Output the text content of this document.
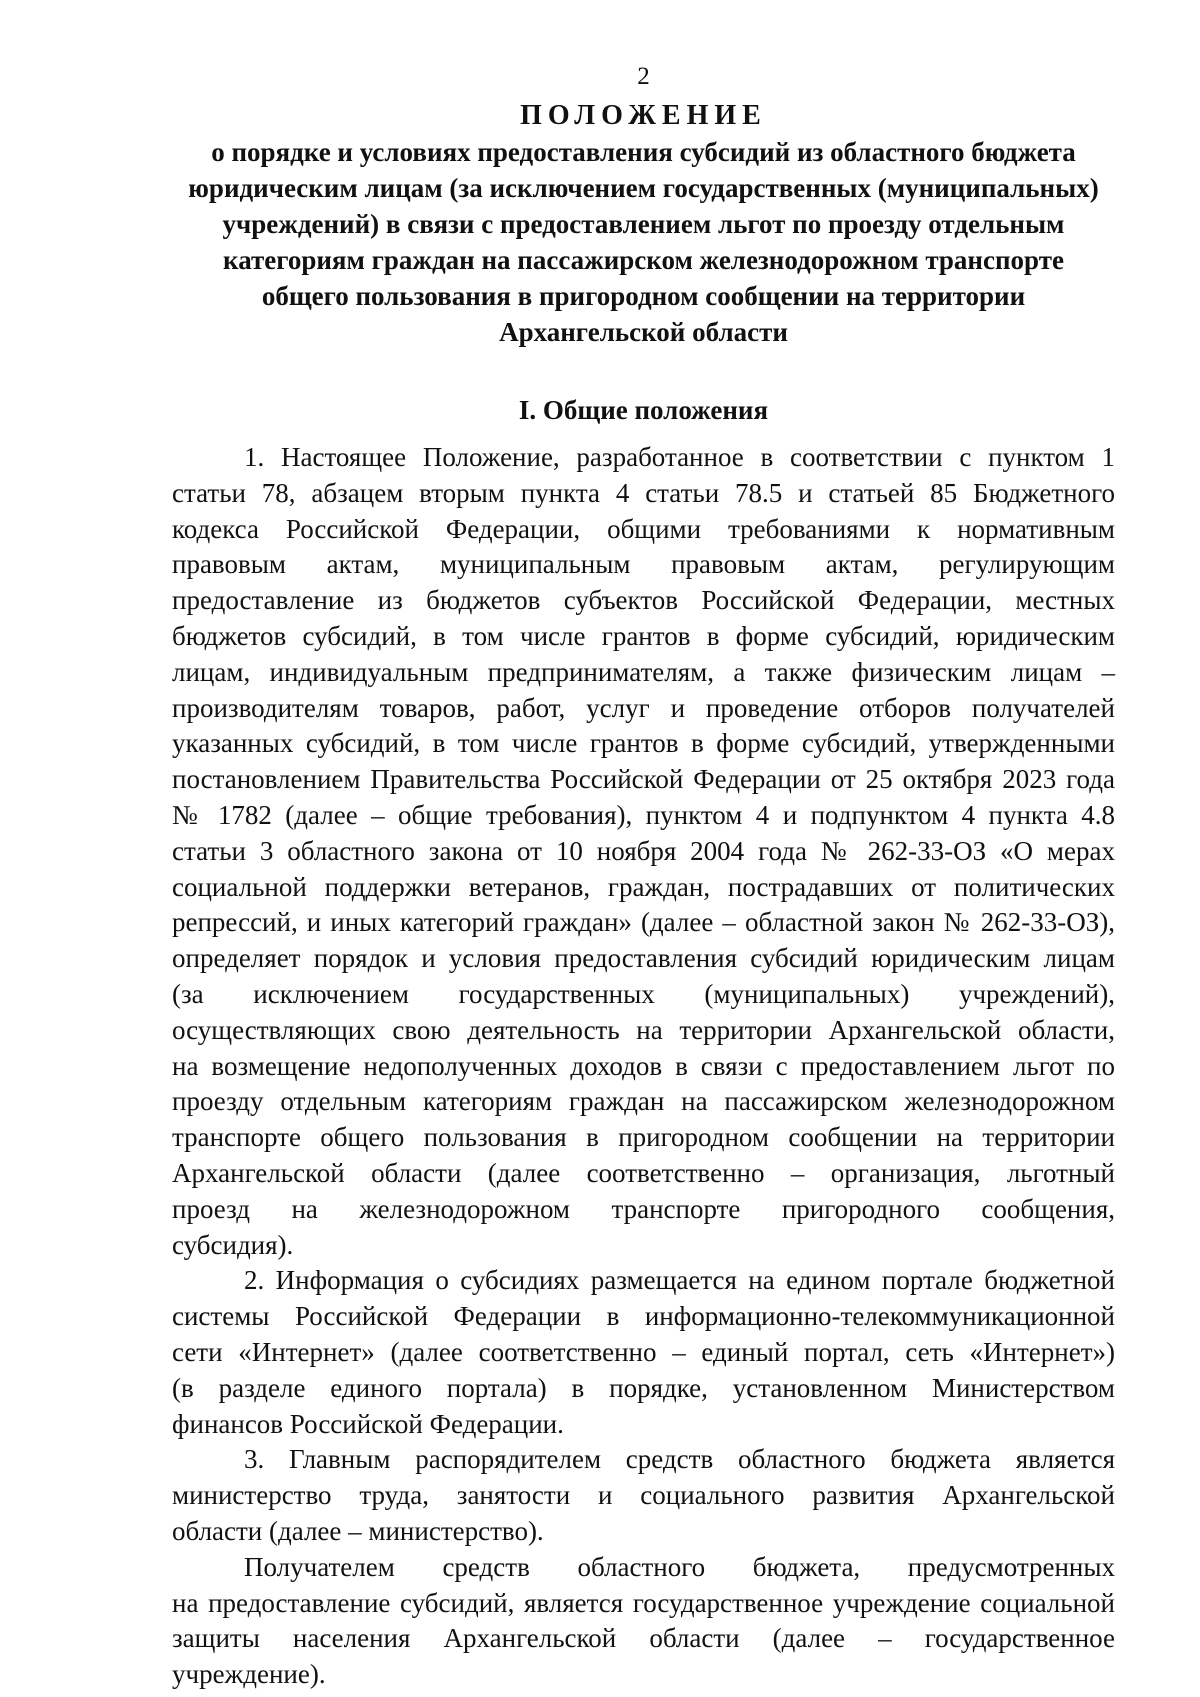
2
ПОЛОЖЕНИЕ
о порядке и условиях предоставления субсидий из областного бюджета
юридическим лицам (за исключением государственных (муниципальных)
учреждений) в связи с предоставлением льгот по проезду отдельным
категориям граждан на пассажирском железнодорожном транспорте
общего пользования в пригородном сообщении на территории
Архангельской области
I. Общие положения

1. Настоящее Положение, разработанное в соответствии с пунктом 1
статьи 78, абзацем вторым пункта 4 статьи 78.5 и статьей 85 Бюджетного
кодекса Российской Федерации, общими требованиями к нормативным
правовым актам, муниципальным правовым актам, регулирующим
предоставление из бюджетов субъектов Российской Федерации, местных
бюджетов субсидий, в том числе грантов в форме субсидий, юридическим
лицам, индивидуальным предпринимателям, а также физическим лицам –
производителям товаров, работ, услуг и проведение отборов получателей
указанных субсидий, в том числе грантов в форме субсидий, утвержденными
постановлением Правительства Российской Федерации от 25 октября 2023 года
№ 1782 (далее – общие требования), пунктом 4 и подпунктом 4 пункта 4.8
статьи 3 областного закона от 10 ноября 2004 года № 262-33-ОЗ «О мерах
социальной поддержки ветеранов, граждан, пострадавших от политических
репрессий, и иных категорий граждан» (далее – областной закон № 262-33-ОЗ),
определяет порядок и условия предоставления субсидий юридическим лицам
(за исключением государственных (муниципальных) учреждений),
осуществляющих свою деятельность на территории Архангельской области,
на возмещение недополученных доходов в связи с предоставлением льгот по
проезду отдельным категориям граждан на пассажирском железнодорожном
транспорте общего пользования в пригородном сообщении на территории
Архангельской области (далее соответственно – организация, льготный
проезд на железнодорожном транспорте пригородного сообщения,
субсидия).

2. Информация о субсидиях размещается на едином портале бюджетной
системы Российской Федерации в информационно-телекоммуникационной
сети «Интернет» (далее соответственно – единый портал, сеть «Интернет»)
(в разделе единого портала) в порядке, установленном Министерством
финансов Российской Федерации.

3. Главным распорядителем средств областного бюджета является
министерство труда, занятости и социального развития Архангельской
области (далее – министерство).

Получателем средств областного бюджета, предусмотренных
на предоставление субсидий, является государственное учреждение социальной
защиты населения Архангельской области (далее – государственное
учреждение).
